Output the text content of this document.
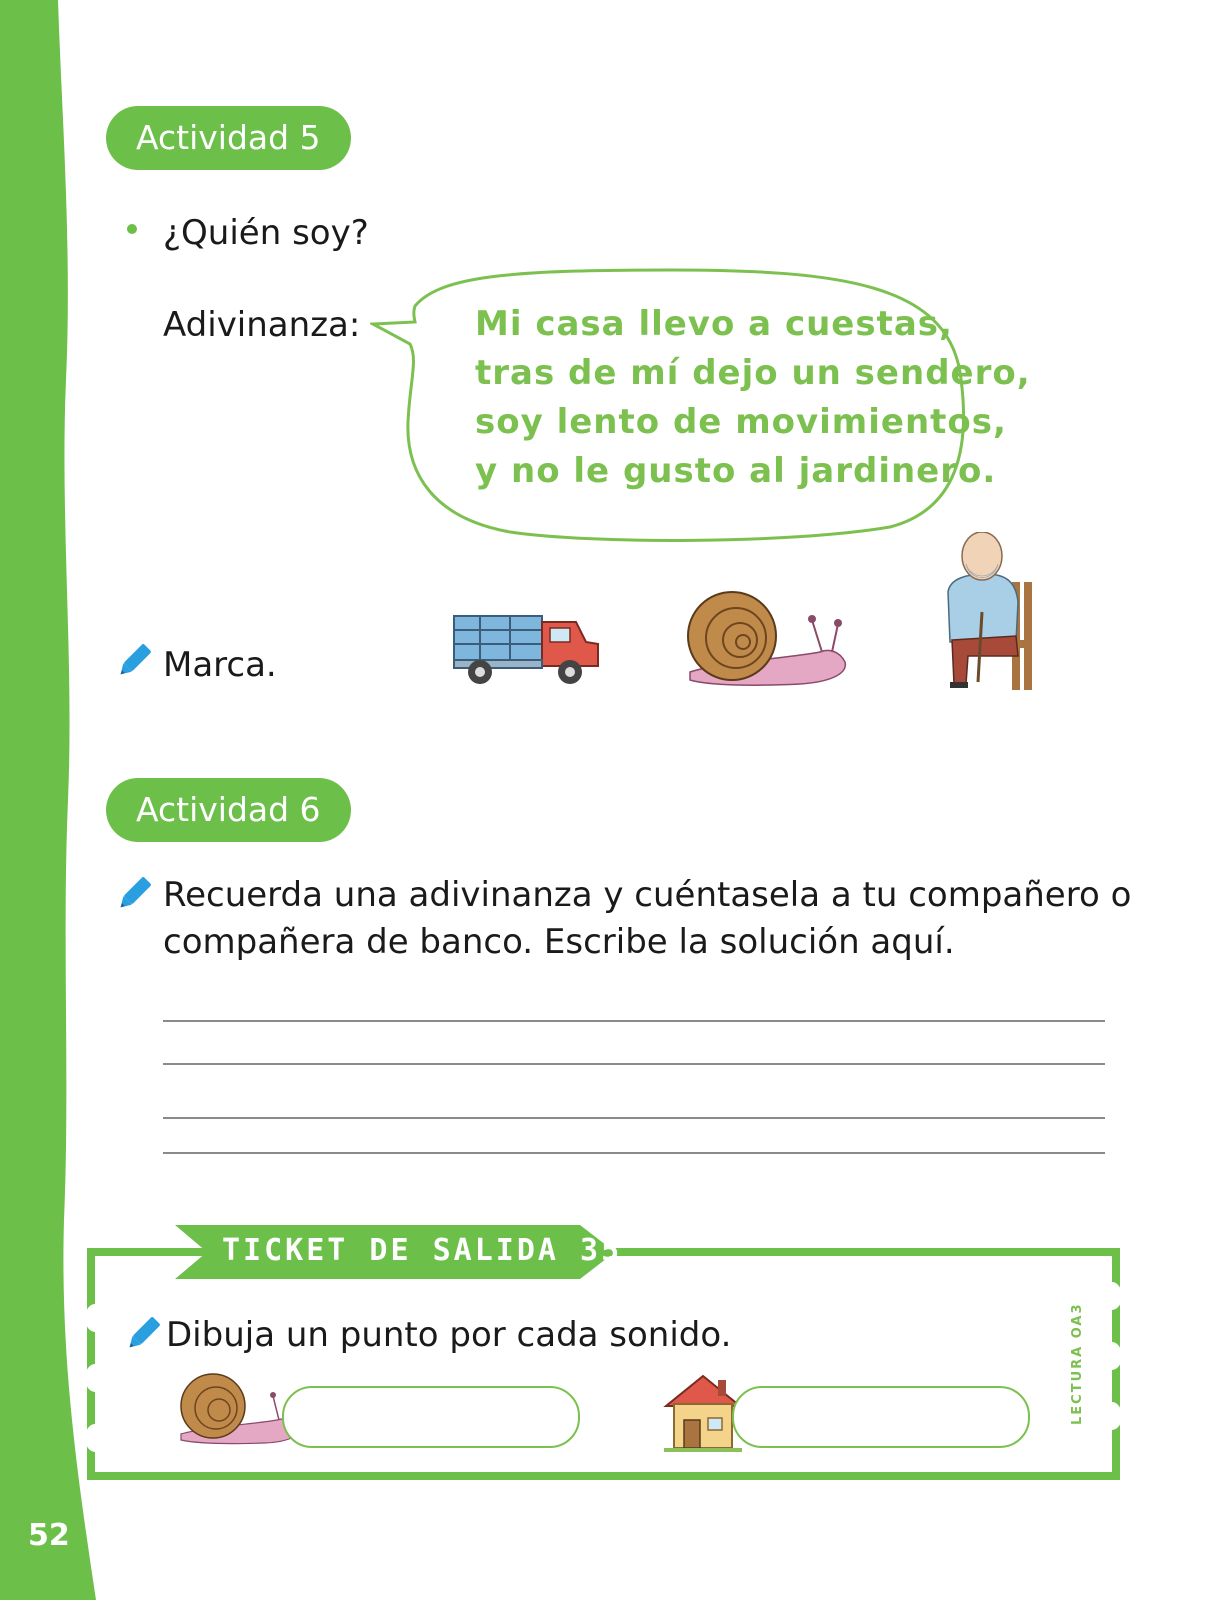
52
Actividad 5
¿Quién soy?
Adivinanza:	Mi casa llevo a cuestas,
tras de mí dejo un sendero,
soy lento de movimientos,
y no le gusto al jardinero.
Marca.
Actividad 6
Recuerda una adivinanza y cuéntasela a tu compañero o
compañera de banco. Escribe la solución aquí.
TICKET DE SALIDA 35
Dibuja un punto por cada sonido.	LECTURA OA3
